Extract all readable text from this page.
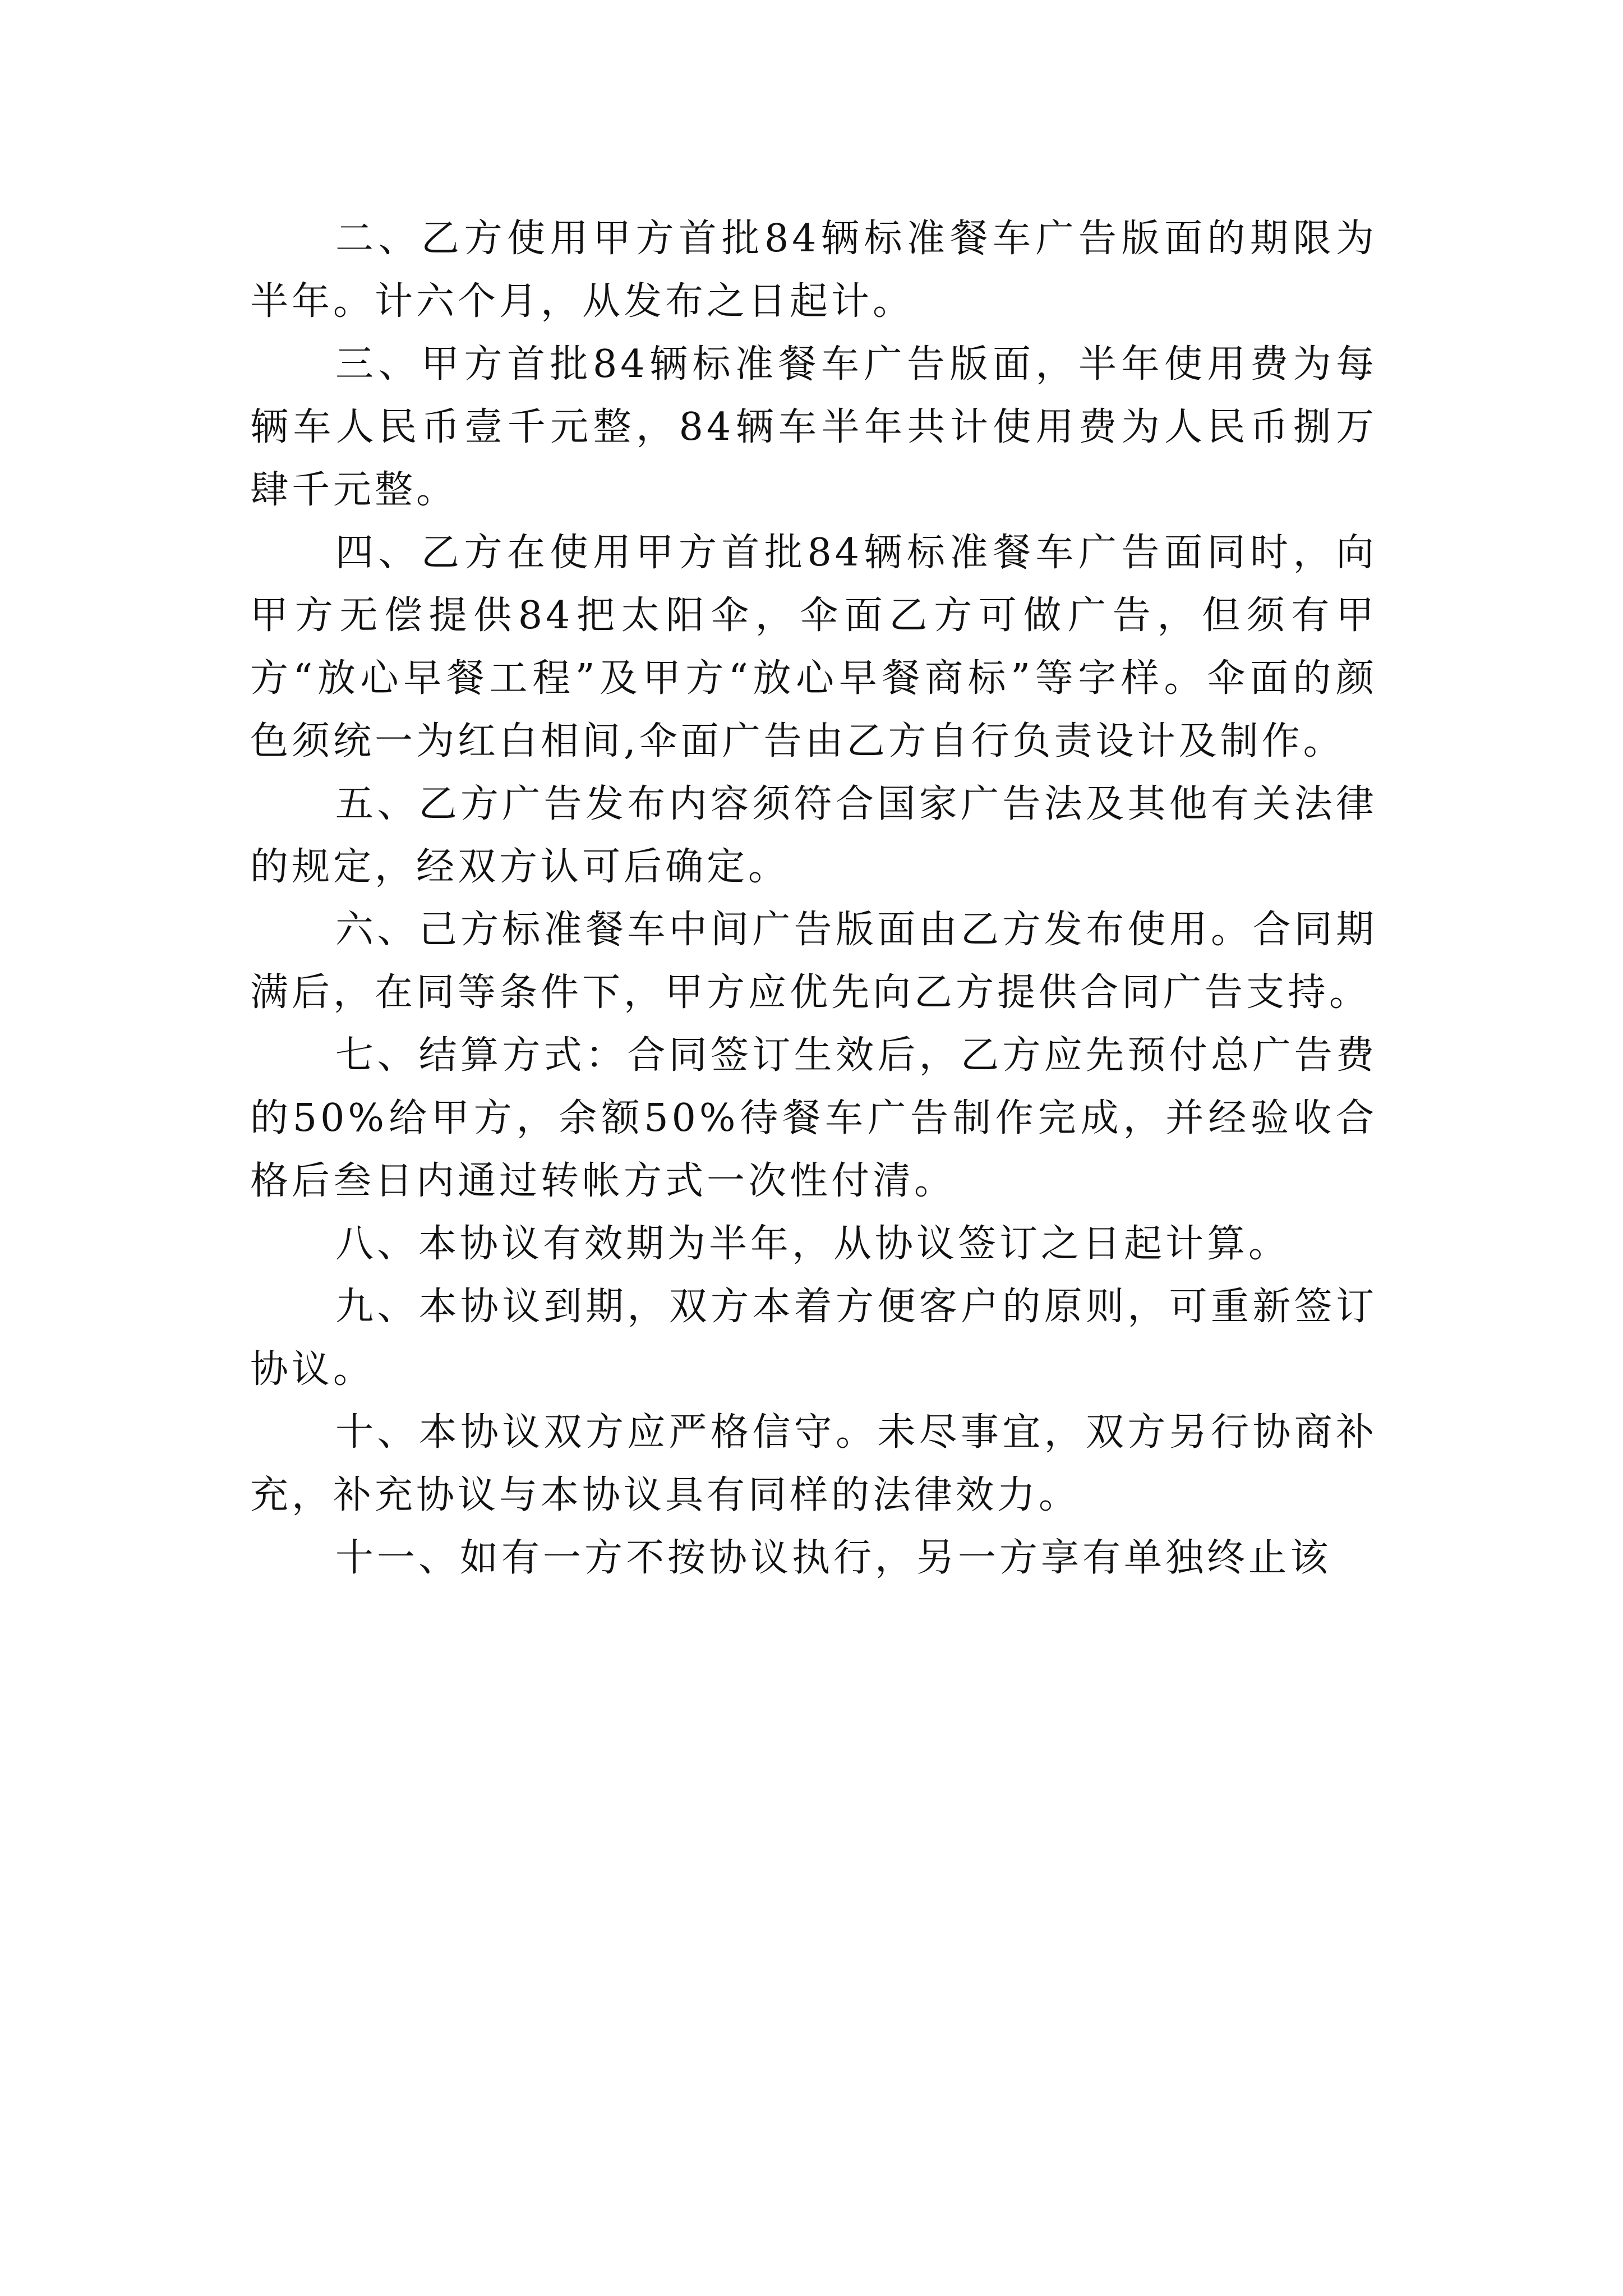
二、乙方使用甲方首批84辆标准餐车广告版面的期限为半年。计六个月，从发布之日起计。

三、甲方首批84辆标准餐车广告版面，半年使用费为每辆车人民币壹千元整，84辆车半年共计使用费为人民币捌万肆千元整。

四、乙方在使用甲方首批84辆标准餐车广告面同时，向甲方无偿提供84把太阳伞，伞面乙方可做广告，但须有甲方“放心早餐工程”及甲方“放心早餐商标”等字样。伞面的颜色须统一为红白相间,伞面广告由乙方自行负责设计及制作。

五、乙方广告发布内容须符合国家广告法及其他有关法律的规定，经双方认可后确定。

六、己方标准餐车中间广告版面由乙方发布使用。合同期满后，在同等条件下，甲方应优先向乙方提供合同广告支持。

七、结算方式：合同签订生效后，乙方应先预付总广告费的50%给甲方，余额50%待餐车广告制作完成，并经验收合格后叁日内通过转帐方式一次性付清。

八、本协议有效期为半年，从协议签订之日起计算。

九、本协议到期，双方本着方便客户的原则，可重新签订协议。

十、本协议双方应严格信守。未尽事宜，双方另行协商补充，补充协议与本协议具有同样的法律效力。

十一、如有一方不按协议执行，另一方享有单独终止该
